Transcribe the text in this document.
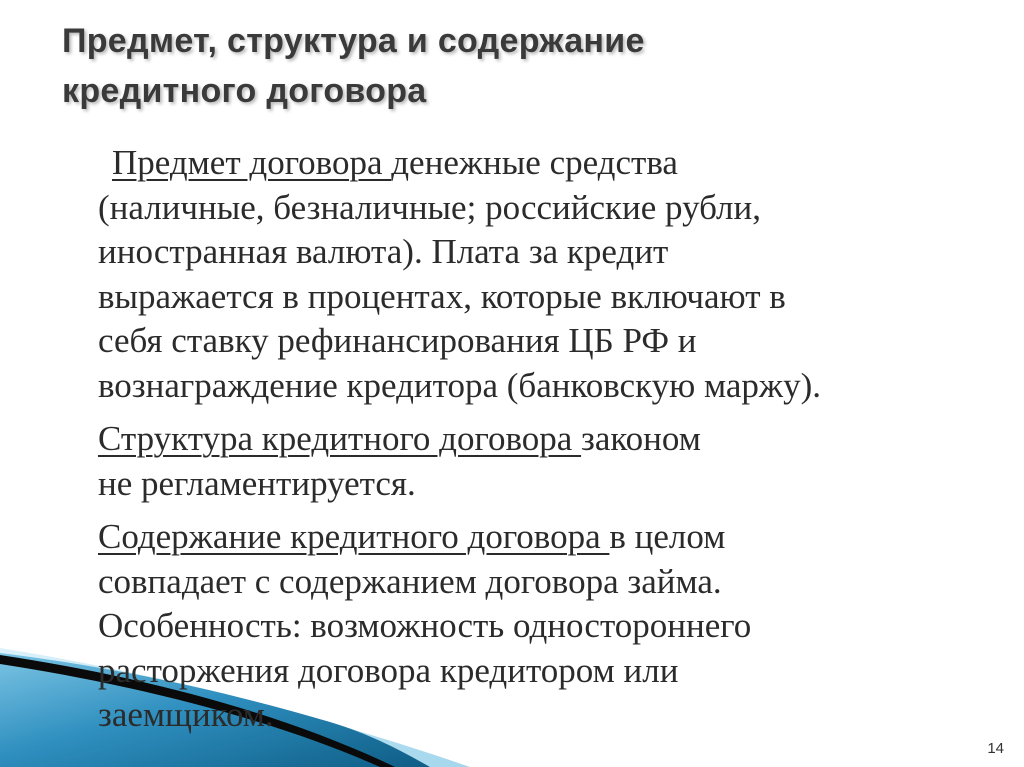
Предмет, структура и содержание
кредитного договора

Предмет договора денежные средства
(наличные, безналичные; российские рубли,
иностранная валюта). Плата за кредит
выражается в процентах, которые включают в
себя ставку рефинансирования ЦБ РФ и
вознаграждение кредитора (банковскую маржу).

Структура кредитного договора законом
не регламентируется.

Содержание кредитного договора в целом
совпадает с содержанием договора займа.
Особенность: возможность одностороннего
расторжения договора кредитором или
заемщиком.

14
